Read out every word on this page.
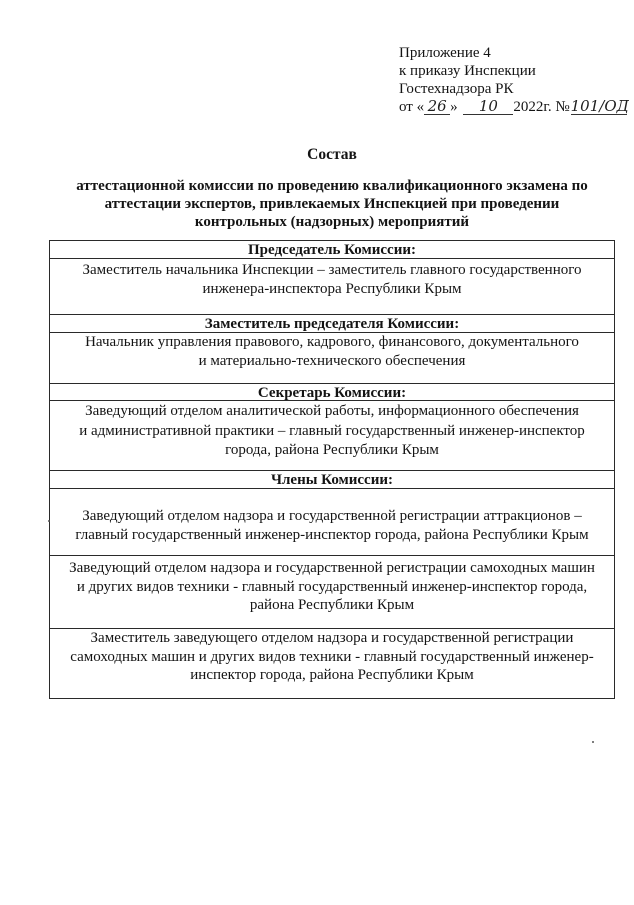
Приложение 4
к приказу Инспекции
Гостехнадзора РК
от « 26 » 10 2022г. №101/ОД
Состав
аттестационной комиссии по проведению квалификационного экзамена по
аттестации экспертов, привлекаемых Инспекцией при проведении
контрольных (надзорных) мероприятий
Председатель Комиссии:
Заместитель начальника Инспекции – заместитель главного государственного
инженера-инспектора Республики Крым
Заместитель председателя Комиссии:
Начальник управления правового, кадрового, финансового, документального
и материально-технического обеспечения
Секретарь Комиссии:
Заведующий отделом аналитической работы, информационного обеспечения
и административной практики – главный государственный инженер-инспектор
города, района Республики Крым
Члены Комиссии:
Заведующий отделом надзора и государственной регистрации аттракционов –
главный государственный инженер-инспектор города, района Республики Крым
Заведующий отделом надзора и государственной регистрации самоходных машин
и других видов техники - главный государственный инженер-инспектор города,
района Республики Крым
Заместитель заведующего отделом надзора и государственной регистрации
самоходных машин и других видов техники - главный государственный инженер-
инспектор города, района Республики Крым
